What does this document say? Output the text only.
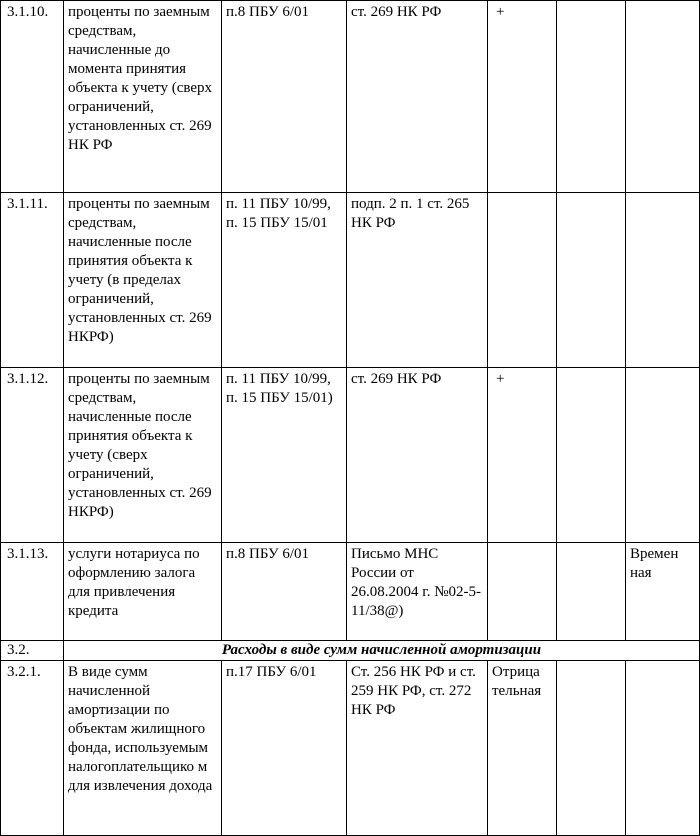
3.1.10.	проценты по заемным средствам, начисленные до момента принятия объекта к учету (сверх ограничений, установленных ст. 269 НК РФ	п.8 ПБУ 6/01	ст. 269 НК РФ	+		
3.1.11.	проценты по заемным средствам, начисленные после принятия объекта к учету (в пределах ограничений, установленных ст. 269 НКРФ)	п. 11 ПБУ 10/99, п. 15 ПБУ 15/01	подп. 2 п. 1 ст. 265 НК РФ			
3.1.12.	проценты по заемным средствам, начисленные после принятия объекта к учету (сверх ограничений, установленных ст. 269 НКРФ)	п. 11 ПБУ 10/99, п. 15 ПБУ 15/01)	ст. 269 НК РФ	+		
3.1.13.	услуги нотариуса по оформлению залога для привлечения кредита	п.8 ПБУ 6/01	Письмо МНС России от 26.08.2004 г. №02-5-11/38@)			Времен ная
3.2.	Расходы в виде сумм начисленной амортизации					
3.2.1.	В виде сумм начисленной амортизации по объектам жилищного фонда, используемым налогоплательщико м для извлечения дохода	п.17 ПБУ 6/01	Ст. 256 НК РФ и ст. 259 НК РФ, ст. 272 НК РФ	Отрица тельная		
